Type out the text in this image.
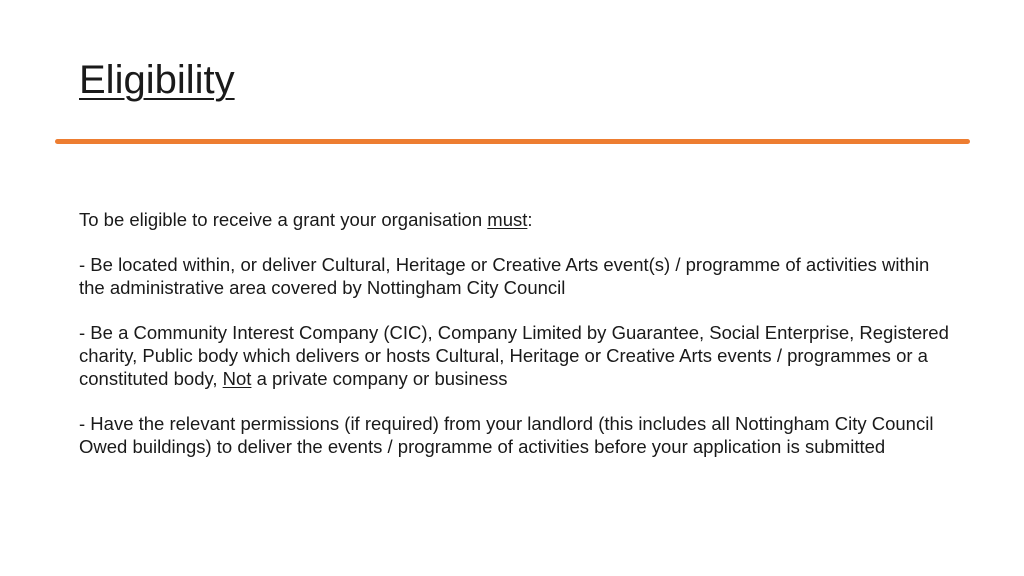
Eligibility

To be eligible to receive a grant your organisation must:

- Be located within, or deliver Cultural, Heritage or Creative Arts event(s) / programme of activities within the administrative area covered by Nottingham City Council

- Be a Community Interest Company (CIC), Company Limited by Guarantee, Social Enterprise, Registered charity, Public body which delivers or hosts Cultural, Heritage or Creative Arts events / programmes or a constituted body, Not a private company or business

- Have the relevant permissions (if required) from your landlord (this includes all Nottingham City Council Owed buildings) to deliver the events / programme of activities before your application is submitted
